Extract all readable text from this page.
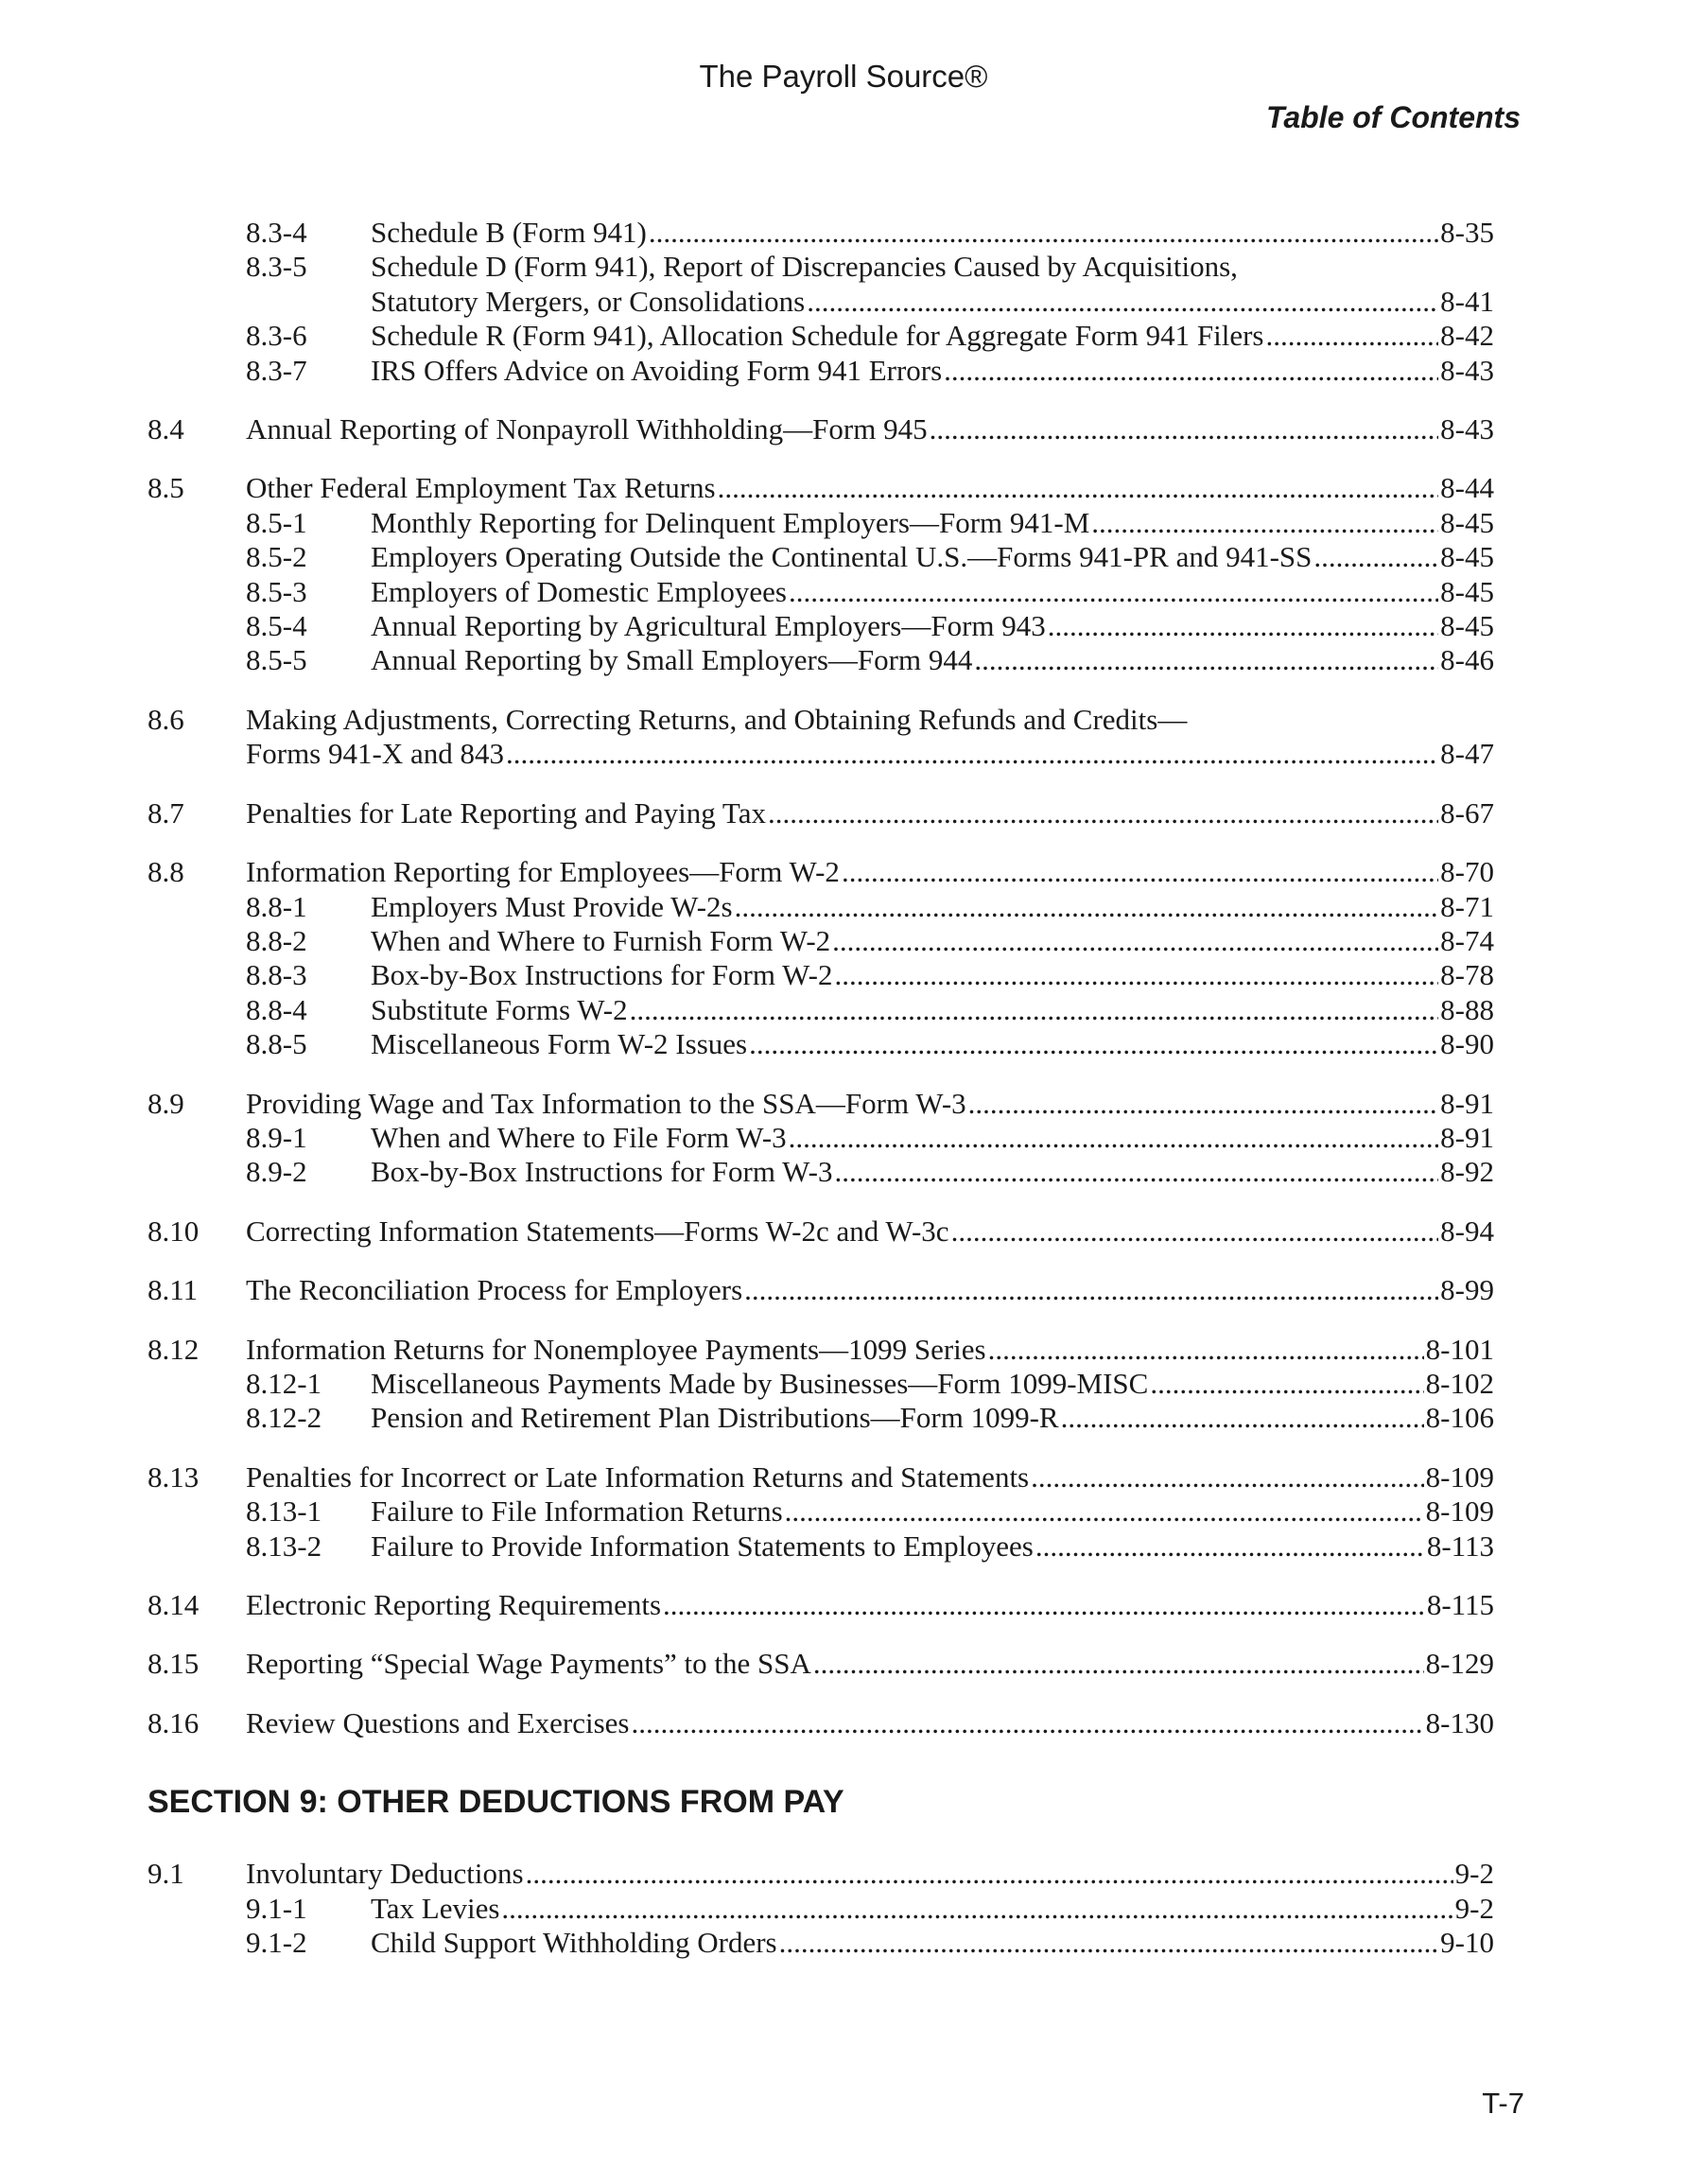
The Payroll Source®
Table of Contents
8.3-4 Schedule B (Form 941) .....	8-35
8.3-5 Schedule D (Form 941), Report of Discrepancies Caused by Acquisitions,
Statutory Mergers, or Consolidations .....	8-41
8.3-6 Schedule R (Form 941), Allocation Schedule for Aggregate Form 941 Filers .....	8-42
8.3-7 IRS Offers Advice on Avoiding Form 941 Errors .....	8-43
8.4 Annual Reporting of Nonpayroll Withholding—Form 945 .....	8-43
8.5 Other Federal Employment Tax Returns .....	8-44
8.5-1 Monthly Reporting for Delinquent Employers—Form 941-M .....	8-45
8.5-2 Employers Operating Outside the Continental U.S.—Forms 941-PR and 941-SS .....	8-45
8.5-3 Employers of Domestic Employees .....	8-45
8.5-4 Annual Reporting by Agricultural Employers—Form 943 .....	8-45
8.5-5 Annual Reporting by Small Employers—Form 944 .....	8-46
8.6 Making Adjustments, Correcting Returns, and Obtaining Refunds and Credits—
Forms 941-X and 843 .....	8-47
8.7 Penalties for Late Reporting and Paying Tax .....	8-67
8.8 Information Reporting for Employees—Form W-2 .....	8-70
8.8-1 Employers Must Provide W-2s .....	8-71
8.8-2 When and Where to Furnish Form W-2 .....	8-74
8.8-3 Box-by-Box Instructions for Form W-2 .....	8-78
8.8-4 Substitute Forms W-2 .....	8-88
8.8-5 Miscellaneous Form W-2 Issues .....	8-90
8.9 Providing Wage and Tax Information to the SSA—Form W-3 .....	8-91
8.9-1 When and Where to File Form W-3 .....	8-91
8.9-2 Box-by-Box Instructions for Form W-3 .....	8-92
8.10 Correcting Information Statements—Forms W-2c and W-3c .....	8-94
8.11 The Reconciliation Process for Employers .....	8-99
8.12 Information Returns for Nonemployee Payments—1099 Series .....	8-101
8.12-1 Miscellaneous Payments Made by Businesses—Form 1099-MISC .....	8-102
8.12-2 Pension and Retirement Plan Distributions—Form 1099-R .....	8-106
8.13 Penalties for Incorrect or Late Information Returns and Statements .....	8-109
8.13-1 Failure to File Information Returns .....	8-109
8.13-2 Failure to Provide Information Statements to Employees .....	8-113
8.14 Electronic Reporting Requirements .....	8-115
8.15 Reporting “Special Wage Payments” to the SSA .....	8-129
8.16 Review Questions and Exercises .....	8-130
SECTION 9: OTHER DEDUCTIONS FROM PAY
9.1 Involuntary Deductions .....	9-2
9.1-1 Tax Levies .....	9-2
9.1-2 Child Support Withholding Orders .....	9-10
T-7
